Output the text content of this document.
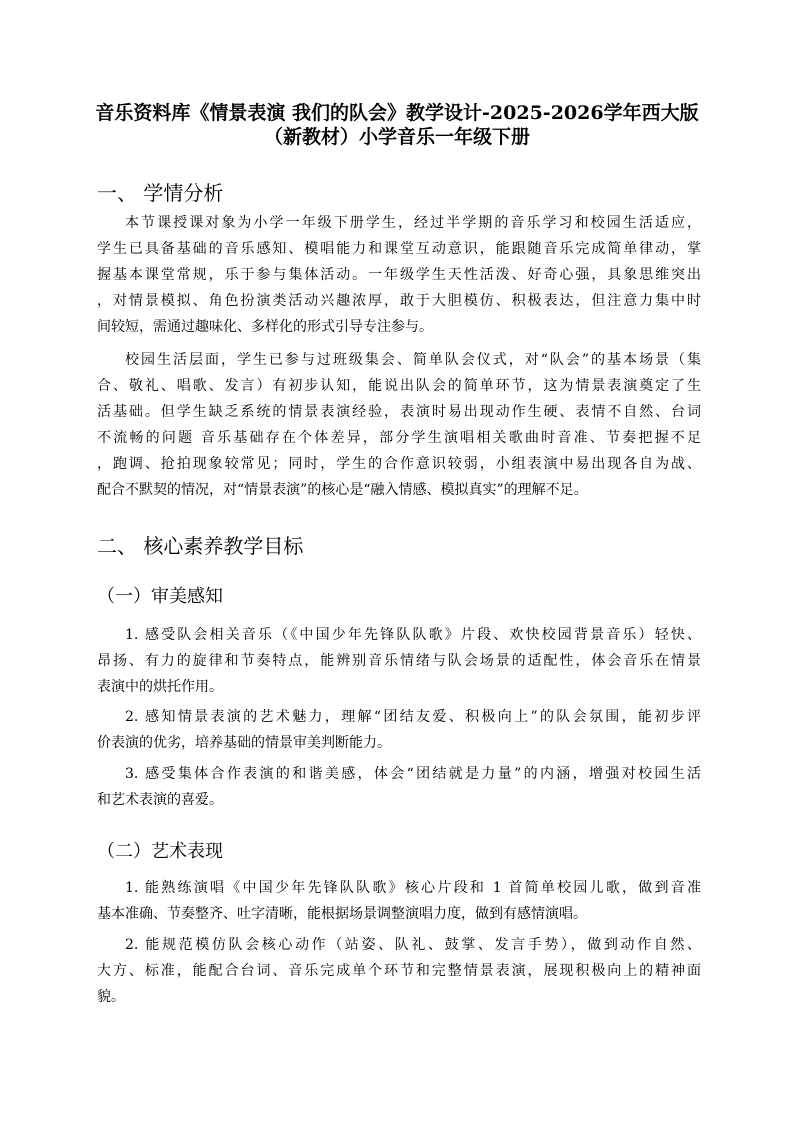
音乐资料库《情景表演 我们的队会》教学设计-2025-2026学年西大版
（新教材）小学音乐一年级下册
一、 学情分析
本节课授课对象为小学一年级下册学生，经过半学期的音乐学习和校园生活适应，
学生已具备基础的音乐感知、模唱能力和课堂互动意识，能跟随音乐完成简单律动，掌
握基本课堂常规，乐于参与集体活动。一年级学生天性活泼、好奇心强，具象思维突出
，对情景模拟、角色扮演类活动兴趣浓厚，敢于大胆模仿、积极表达，但注意力集中时
间较短，需通过趣味化、多样化的形式引导专注参与。
校园生活层面，学生已参与过班级集会、简单队会仪式，对“队会”的基本场景（集
合、敬礼、唱歌、发言）有初步认知，能说出队会的简单环节，这为情景表演奠定了生
活基础。但学生缺乏系统的情景表演经验，表演时易出现动作生硬、表情不自然、台词
不流畅的问题 音乐基础存在个体差异，部分学生演唱相关歌曲时音准、节奏把握不足
，跑调、抢拍现象较常见；同时，学生的合作意识较弱，小组表演中易出现各自为战、
配合不默契的情况，对“情景表演”的核心是“融入情感、模拟真实”的理解不足。
二、 核心素养教学目标
（一）审美感知
1. 感受队会相关音乐（《中国少年先锋队队歌》片段、欢快校园背景音乐）轻快、
昂扬、有力的旋律和节奏特点，能辨别音乐情绪与队会场景的适配性，体会音乐在情景
表演中的烘托作用。
2. 感知情景表演的艺术魅力，理解“团结友爱、积极向上”的队会氛围，能初步评
价表演的优劣，培养基础的情景审美判断能力。
3. 感受集体合作表演的和谐美感，体会“团结就是力量”的内涵，增强对校园生活
和艺术表演的喜爱。
（二）艺术表现
1. 能熟练演唱《中国少年先锋队队歌》核心片段和 1 首简单校园儿歌，做到音准
基本准确、节奏整齐、吐字清晰，能根据场景调整演唱力度，做到有感情演唱。
2. 能规范模仿队会核心动作（站姿、队礼、鼓掌、发言手势），做到动作自然、
大方、标准，能配合台词、音乐完成单个环节和完整情景表演，展现积极向上的精神面
貌。
